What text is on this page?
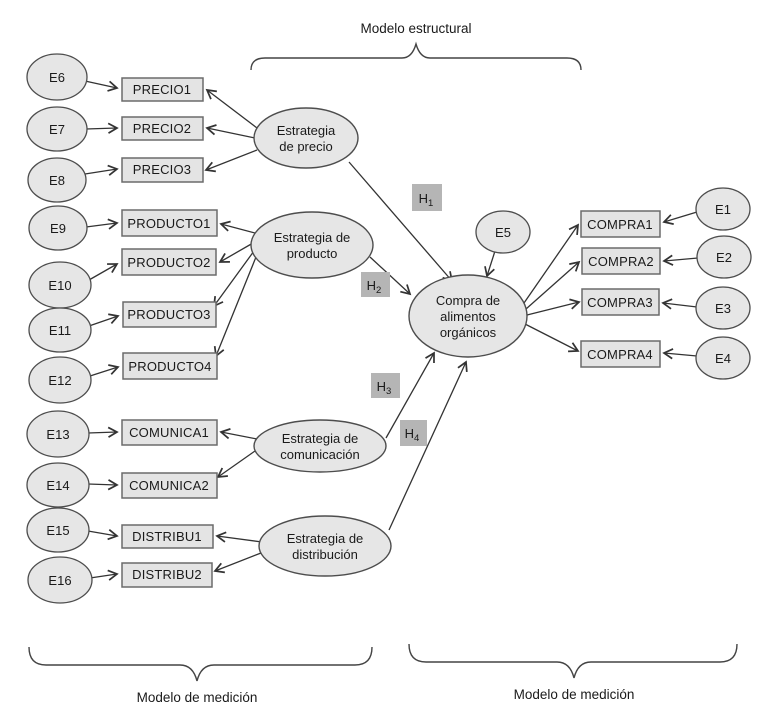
E6
E7
E8
E9
E10
E11
E12
E13
E14
E15
E16
PRECIO1
PRECIO2
PRECIO3
PRODUCTO1
PRODUCTO2
PRODUCTO3
PRODUCTO4
COMUNICA1
COMUNICA2
DISTRIBU1
DISTRIBU2
Estrategia
de precio
Estrategia de
producto
Estrategia de
comunicación
Estrategia de
distribución
Compra de
alimentos
orgánicos
E5
COMPRA1
COMPRA2
COMPRA3
COMPRA4
E1
E2
E3
E4
$H_1$
$H_2$
$H_3$
$H_4$
Modelo estructural
Modelo de medición	Modelo de medición
